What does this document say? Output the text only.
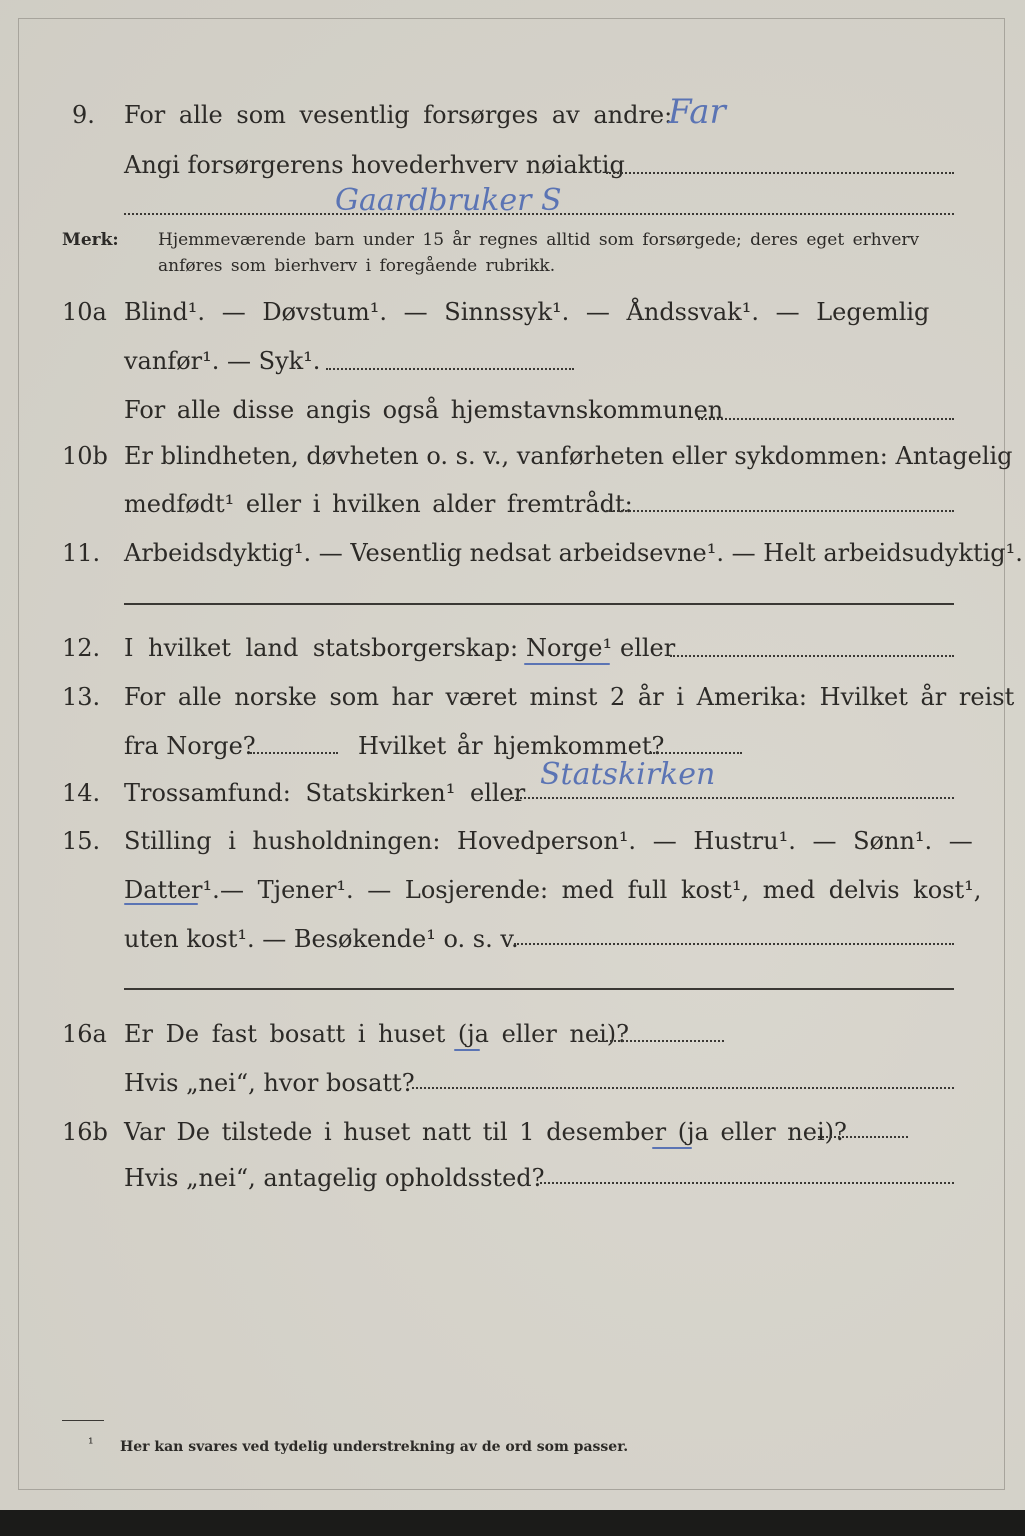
9. For alle som vesentlig forsørges av andre:
Far
Angi forsørgerens hovederhverv nøiaktig
Gaardbruker S
Merk: Hjemmeværende barn under 15 år regnes alltid som forsørgede; deres eget erhverv
anføres som bierhverv i foregående rubrikk.
10a Blind¹. — Døvstum¹. — Sinnssyk¹. — Åndssvak¹. — Legemlig
vanfør¹. — Syk¹.
For alle disse angis også hjemstavnskommunen
10b Er blindheten, døvheten o. s. v., vanførheten eller sykdommen: Antagelig
medfødt¹ eller i hvilken alder fremtrådt:
11. Arbeidsdyktig¹. — Vesentlig nedsat arbeidsevne¹. — Helt arbeidsudyktig¹.
12. I hvilket land statsborgerskap: Norge¹ eller
13. For alle norske som har været minst 2 år i Amerika: Hvilket år reist
fra Norge?	Hvilket år hjemkommet?
14. Trossamfund: Statskirken¹ eller
Statskirken
15. Stilling i husholdningen: Hovedperson¹. — Hustru¹. — Sønn¹. —
Datter¹. — Tjener¹. — Losjerende: med full kost¹, med delvis kost¹,
uten kost¹. — Besøkende¹ o. s. v.
16a Er De fast bosatt i huset (ja eller nei)?
Hvis „nei“, hvor bosatt?
16b Var De tilstede i huset natt til 1 desember (ja eller nei)?
Hvis „nei“, antagelig opholdssted?
¹ Her kan svares ved tydelig understrekning av de ord som passer.
